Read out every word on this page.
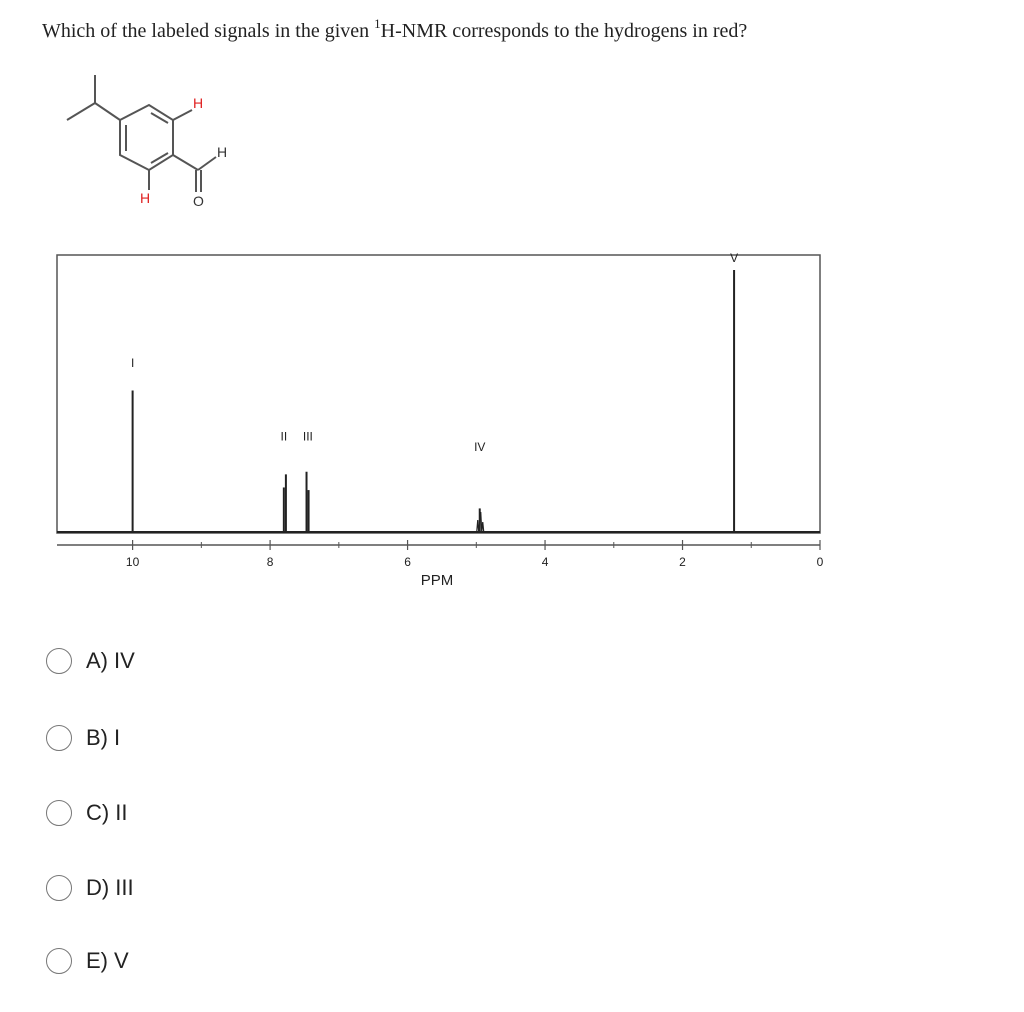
Which of the labeled signals in the given $^1$H-NMR corresponds to the hydrogens in red?
H
H
H	O
I
II III
IV
V
10	8	6	4	2	0
PPM
A) IV
B) I
C) II
D) III
E) V
